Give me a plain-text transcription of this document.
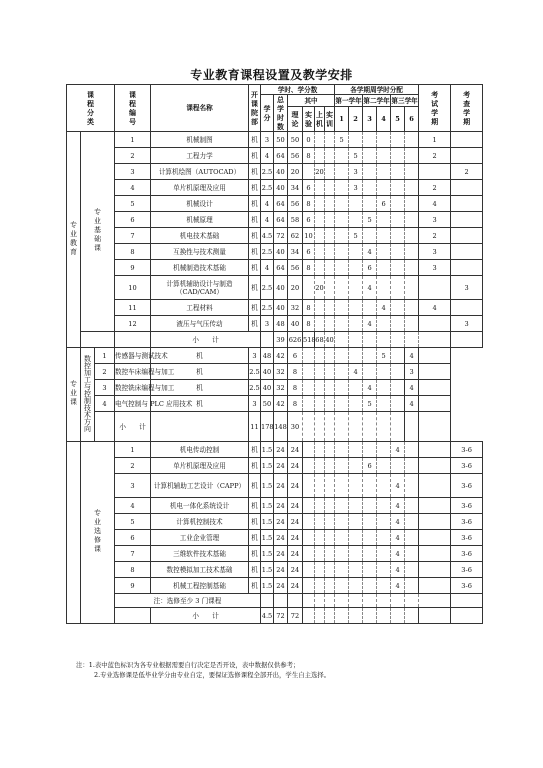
专业教育课程设置及教学安排
课程分类			课程编号	课程名称	开课院部	学时、学分数						各学期周学时分配						考试学期	考查学期	
						学分	总学时数	其中				第一学年		第二学年		第三学年				
								理论	实验	上机	实训	1	2	3	4	5	6			

专业教育	专业基础课		1	机械制图	机	3	50	50	0			5						1		
			2	工程力学	机	4	64	56	8				5					2		
			3	计算机绘图（AUTOCAD）	机	2.5	40	20		20			3						2	
			4	单片机原理及应用	机	2.5	40	34	6				3					2		
			5	机械设计	机	4	64	56	8						6			4		
			6	机械原理	机	4	64	58	6					5				3		
			7	机电技术基础	机	4.5	72	62	10				5					2		
			8	互换性与技术测量	机	2.5	40	34	6					4				3		
			9	机械制造技术基础	机	4	64	56	8					6				3		
			10	计算机辅助设计与制造（CAD/CAM）	机	2.5	40	20		20				4					3	
			11	工程材料	机	2.5	40	32	8						4			4		
			12	液压与气压传动	机	3	48	40	8					4					3	
				小　　计			39	626	518	68	40									
专业课	数控加工与控制技术方向	1	传感器与测试技术	机	3	48	42	6							5		4			
		2	数控车床编程与加工	机	2.5	40	32	8					4				3			
		3	数控铣床编程与加工	机	2.5	40	32	8						4			4			
		4	电气控制与 PLC 应用技术	机	3	50	42	8						5			4			
			小　　计		11	178	148	30												
	专业选修课		1	机电传动控制	机	1.5	24	24								4			3-6	
			2	单片机原理及应用	机	1.5	24	24						6					3-6	
			3	计算机辅助工艺设计（CAPP）	机	1.5	24	24								4			3-6	
			4	机电一体化系统设计	机	1.5	24	24								4			3-6	
			5	计算机控制技术	机	1.5	24	24								4			3-6	
			6	工业企业管理	机	1.5	24	24								4			3-6	
			7	三维软件技术基础	机	1.5	24	24								4			3-6	
			8	数控模拟加工技术基础	机	1.5	24	24								4			3-6	
			9	机械工程控制基础	机	1.5	24	24								4			3-6	
			注：选修至少 3 门课程																	
				小　　计		4.5	72	72												
注：1.表中蓝色标识为各专业根据需要自行决定是否开设，表中数据仅供参考；
2.专业选修课是低毕业学分由专业自定，要保证选修课程全部开出，学生自主选择。
